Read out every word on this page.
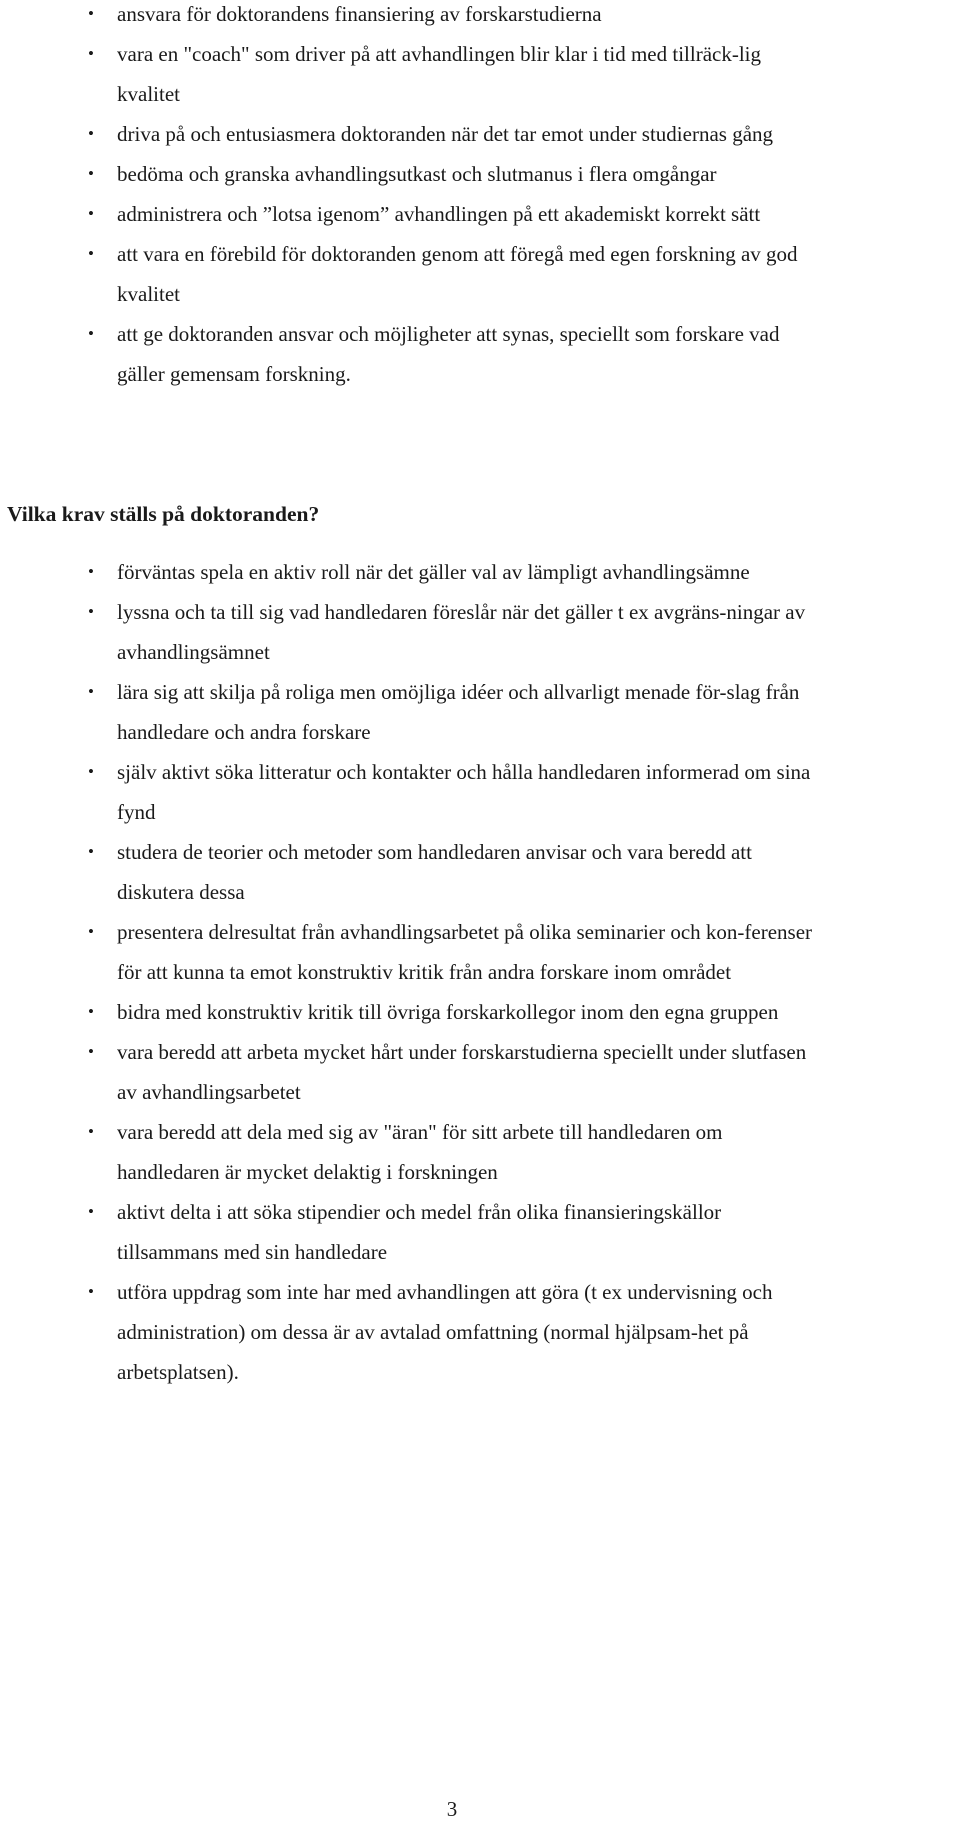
• ansvara för doktorandens finansiering av forskarstudierna
• vara en "coach" som driver på att avhandlingen blir klar i tid med tillräck-lig kvalitet
• driva på och entusiasmera doktoranden när det tar emot under studiernas gång
• bedöma och granska avhandlingsutkast och slutmanus i flera omgångar
• administrera och ”lotsa igenom” avhandlingen på ett akademiskt korrekt sätt
• att vara en förebild för doktoranden genom att föregå med egen forskning av god kvalitet
• att ge doktoranden ansvar och möjligheter att synas, speciellt som forskare vad gäller gemensam forskning.
Vilka krav ställs på doktoranden?
• förväntas spela en aktiv roll när det gäller val av lämpligt avhandlingsämne
• lyssna och ta till sig vad handledaren föreslår när det gäller t ex avgräns-ningar av avhandlingsämnet
• lära sig att skilja på roliga men omöjliga idéer och allvarligt menade för-slag från handledare och andra forskare
• själv aktivt söka litteratur och kontakter och hålla handledaren informerad om sina fynd
• studera de teorier och metoder som handledaren anvisar och vara beredd att diskutera dessa
• presentera delresultat från avhandlingsarbetet på olika seminarier och kon-ferenser för att kunna ta emot konstruktiv kritik från andra forskare inom området
• bidra med konstruktiv kritik till övriga forskarkollegor inom den egna gruppen
• vara beredd att arbeta mycket hårt under forskarstudierna speciellt under slutfasen av avhandlingsarbetet
• vara beredd att dela med sig av "äran" för sitt arbete till handledaren om handledaren är mycket delaktig i forskningen
• aktivt delta i att söka stipendier och medel från olika finansieringskällor tillsammans med sin handledare
• utföra uppdrag som inte har med avhandlingen att göra (t ex undervisning och administration) om dessa är av avtalad omfattning (normal hjälpsam-het på arbetsplatsen).
3
